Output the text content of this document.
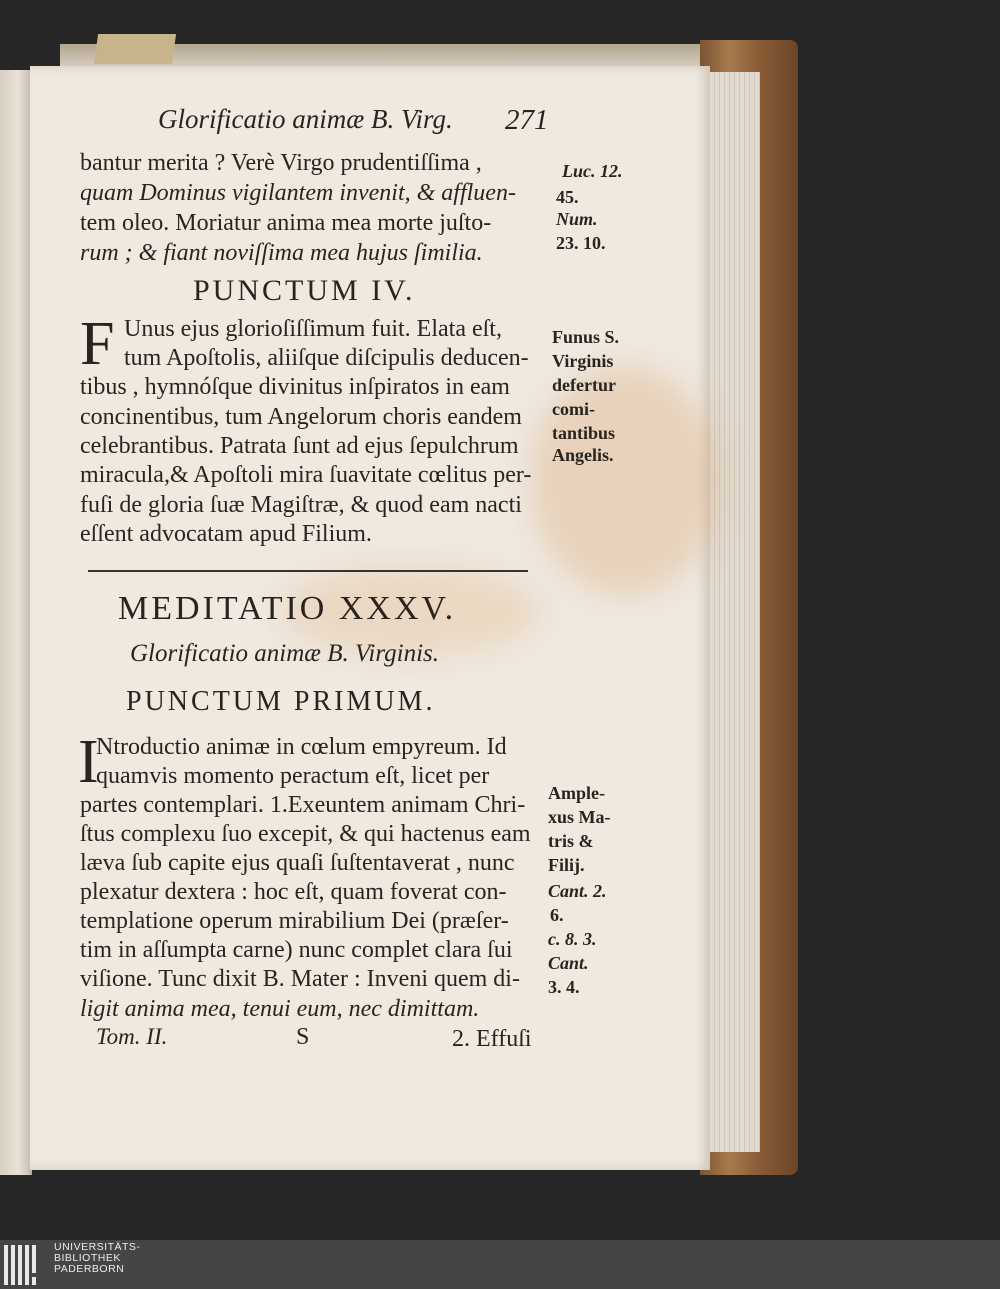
Glorificatio animæ B. Virg. 271
bantur merita ? Verè Virgo prudentiſſima ,
quam Dominus vigilantem invenit, & affluen-
tem oleo. Moriatur anima mea morte juſto-
rum ; & fiant noviſſima mea hujus ſimilia.
Luc. 12.
45.
Num.
23. 10.
PUNCTUM IV.
F Unus ejus glorioſiſſimum fuit. Elata eſt,
tum Apoſtolis, aliiſque diſcipulis deducen-
tibus , hymnóſque divinitus inſpiratos in eam
concinentibus, tum Angelorum choris eandem
celebrantibus. Patrata ſunt ad ejus ſepulchrum
miracula,& Apoſtoli mira ſuavitate cœlitus per-
fuſi de gloria ſuæ Magiſtræ, & quod eam nacti
eſſent advocatam apud Filium.
Funus S.
Virginis
defertur
comi-
tantibus
Angelis.
MEDITATIO XXXV.
Glorificatio animæ B. Virginis.
PUNCTUM PRIMUM.
I
Ntroductio animæ in cœlum empyreum. Id
quamvis momento peractum eſt, licet per
partes contemplari. 1.Exeuntem animam Chri-
ſtus complexu ſuo excepit, & qui hactenus eam
læva ſub capite ejus quaſi ſuſtentaverat , nunc
plexatur dextera : hoc eſt, quam foverat con-
templatione operum mirabilium Dei (præſer-
tim in aſſumpta carne) nunc complet clara ſui
viſione. Tunc dixit B. Mater : Inveni quem di-
ligit anima mea, tenui eum, nec dimittam.
Ample-
xus Ma-
tris &
Filij.
Cant. 2.
6.
c. 8. 3.
Cant.
3. 4.
Tom. II.	S	2. Effuſi
UNIVERSITÄTS-
BIBLIOTHEK
PADERBORN
